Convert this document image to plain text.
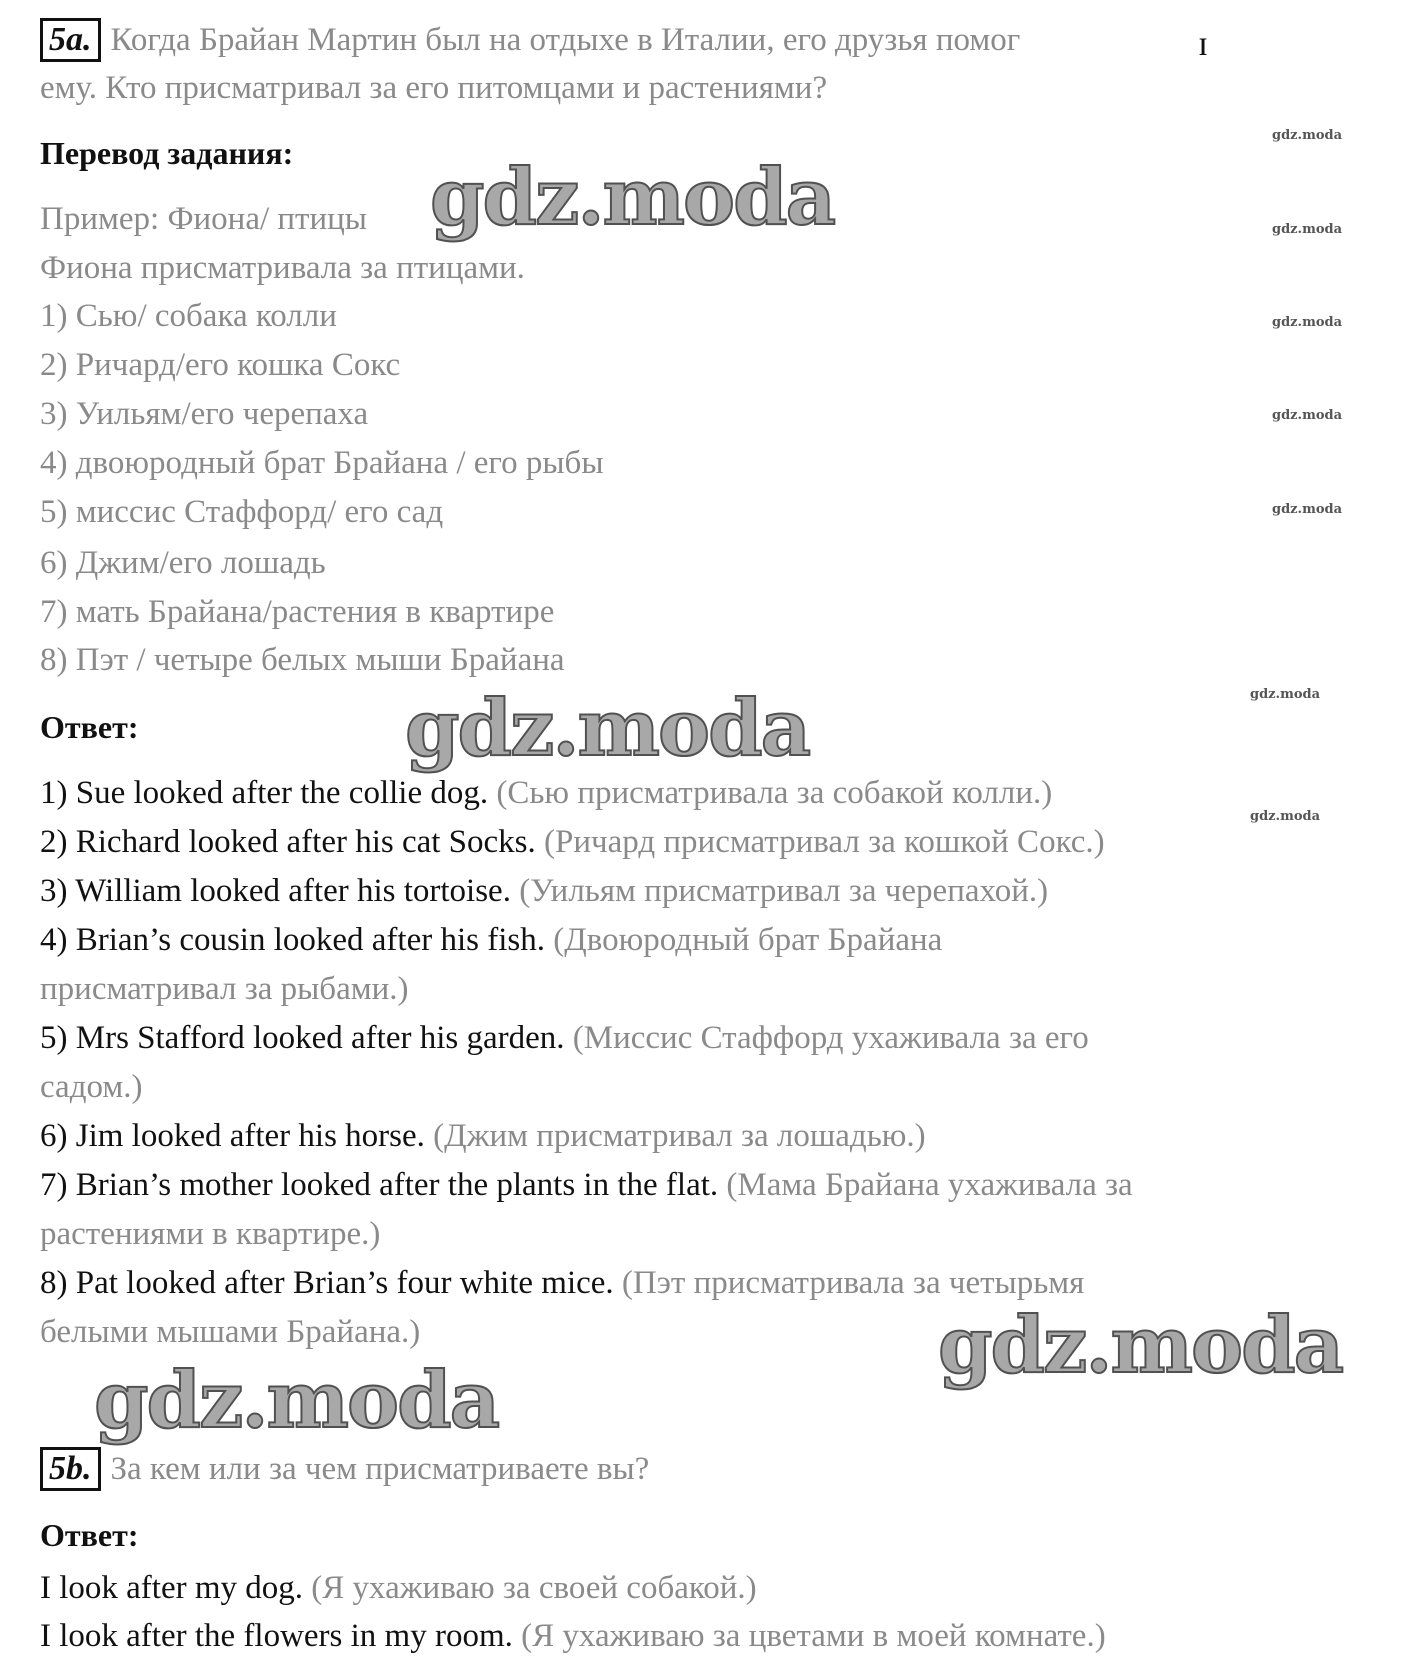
5a. Когда Брайан Мартин был на отдыхе в Италии, его друзья помог	ɪ
ему. Кто присматривал за его питомцами и растениями?
Перевод задания:
Пример: Фиона/ птицы
Фиона присматривала за птицами.
1) Сью/ собака колли
2) Ричард/его кошка Сокс
3) Уильям/его черепаха
4) двоюродный брат Брайана / его рыбы
5) миссис Стаффорд/ его сад
6) Джим/его лошадь
7) мать Брайана/растения в квартире
8) Пэт / четыре белых мыши Брайана
Ответ:
1) Sue looked after the collie dog. (Сью присматривала за собакой колли.)
2) Richard looked after his cat Socks. (Ричард присматривал за кошкой Сокс.)
3) William looked after his tortoise. (Уильям присматривал за черепахой.)
4) Brian’s cousin looked after his fish. (Двоюродный брат Брайана
присматривал за рыбами.)
5) Mrs Stafford looked after his garden. (Миссис Стаффорд ухаживала за его
садом.)
6) Jim looked after his horse. (Джим присматривал за лошадью.)
7) Brian’s mother looked after the plants in the flat. (Мама Брайана ухаживала за
растениями в квартире.)
8) Pat looked after Brian’s four white mice. (Пэт присматривала за четырьмя
белыми мышами Брайана.)
5b. За кем или за чем присматриваете вы?
Ответ:
I look after my dog. (Я ухаживаю за своей собакой.)
I look after the flowers in my room. (Я ухаживаю за цветами в моей комнате.)
gdz.moda
gdz.moda
gdz.moda
gdz.moda
gdz.moda
gdz.moda
gdz.moda
gdz.moda
gdz.moda
gdz.moda
gdz.moda
